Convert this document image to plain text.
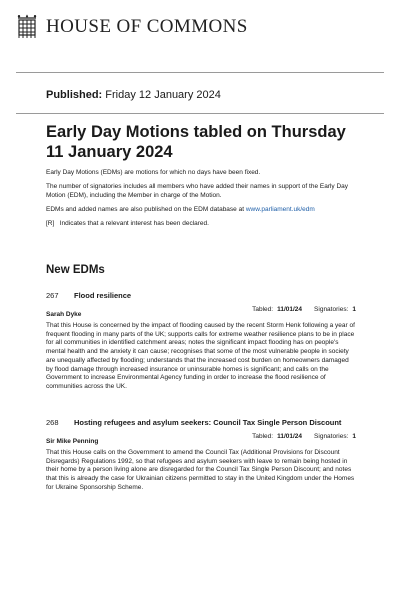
HOUSE OF COMMONS
Published: Friday 12 January 2024
Early Day Motions tabled on Thursday 11 January 2024

Early Day Motions (EDMs) are motions for which no days have been fixed.

The number of signatories includes all members who have added their names in support of the Early Day Motion (EDM), including the Member in charge of the Motion.

EDMs and added names are also published on the EDM database at www.parliament.uk/edm

[R]   Indicates that a relevant interest has been declared.

New EDMs
267	Flood resilience
Tabled: 11/01/24 Signatories: 1
Sarah Dyke
That this House is concerned by the impact of flooding caused by the recent Storm Henk following a year of frequent flooding in many parts of the UK; supports calls for extreme weather resilience plans to be in place for all communities in identified catchment areas; notes the significant impact flooding has on people's mental health and the anxiety it can cause; recognises that some of the most vulnerable people in society are unequally affected by flooding; understands that the increased cost burden on homeowners damaged by flood damage through increased insurance or uninsurable homes is significant; and calls on the Government to increase Environmental Agency funding in order to increase the flood resilience of communities across the UK.
268	Hosting refugees and asylum seekers: Council Tax Single Person Discount
Tabled: 11/01/24 Signatories: 1
Sir Mike Penning
That this House calls on the Government to amend the Council Tax (Additional Provisions for Discount Disregards) Regulations 1992, so that refugees and asylum seekers with leave to remain being hosted in their home by a person living alone are disregarded for the Council Tax Single Person Discount; and notes that this is already the case for Ukrainian citizens permitted to stay in the United Kingdom under the Homes for Ukraine Sponsorship Scheme.
